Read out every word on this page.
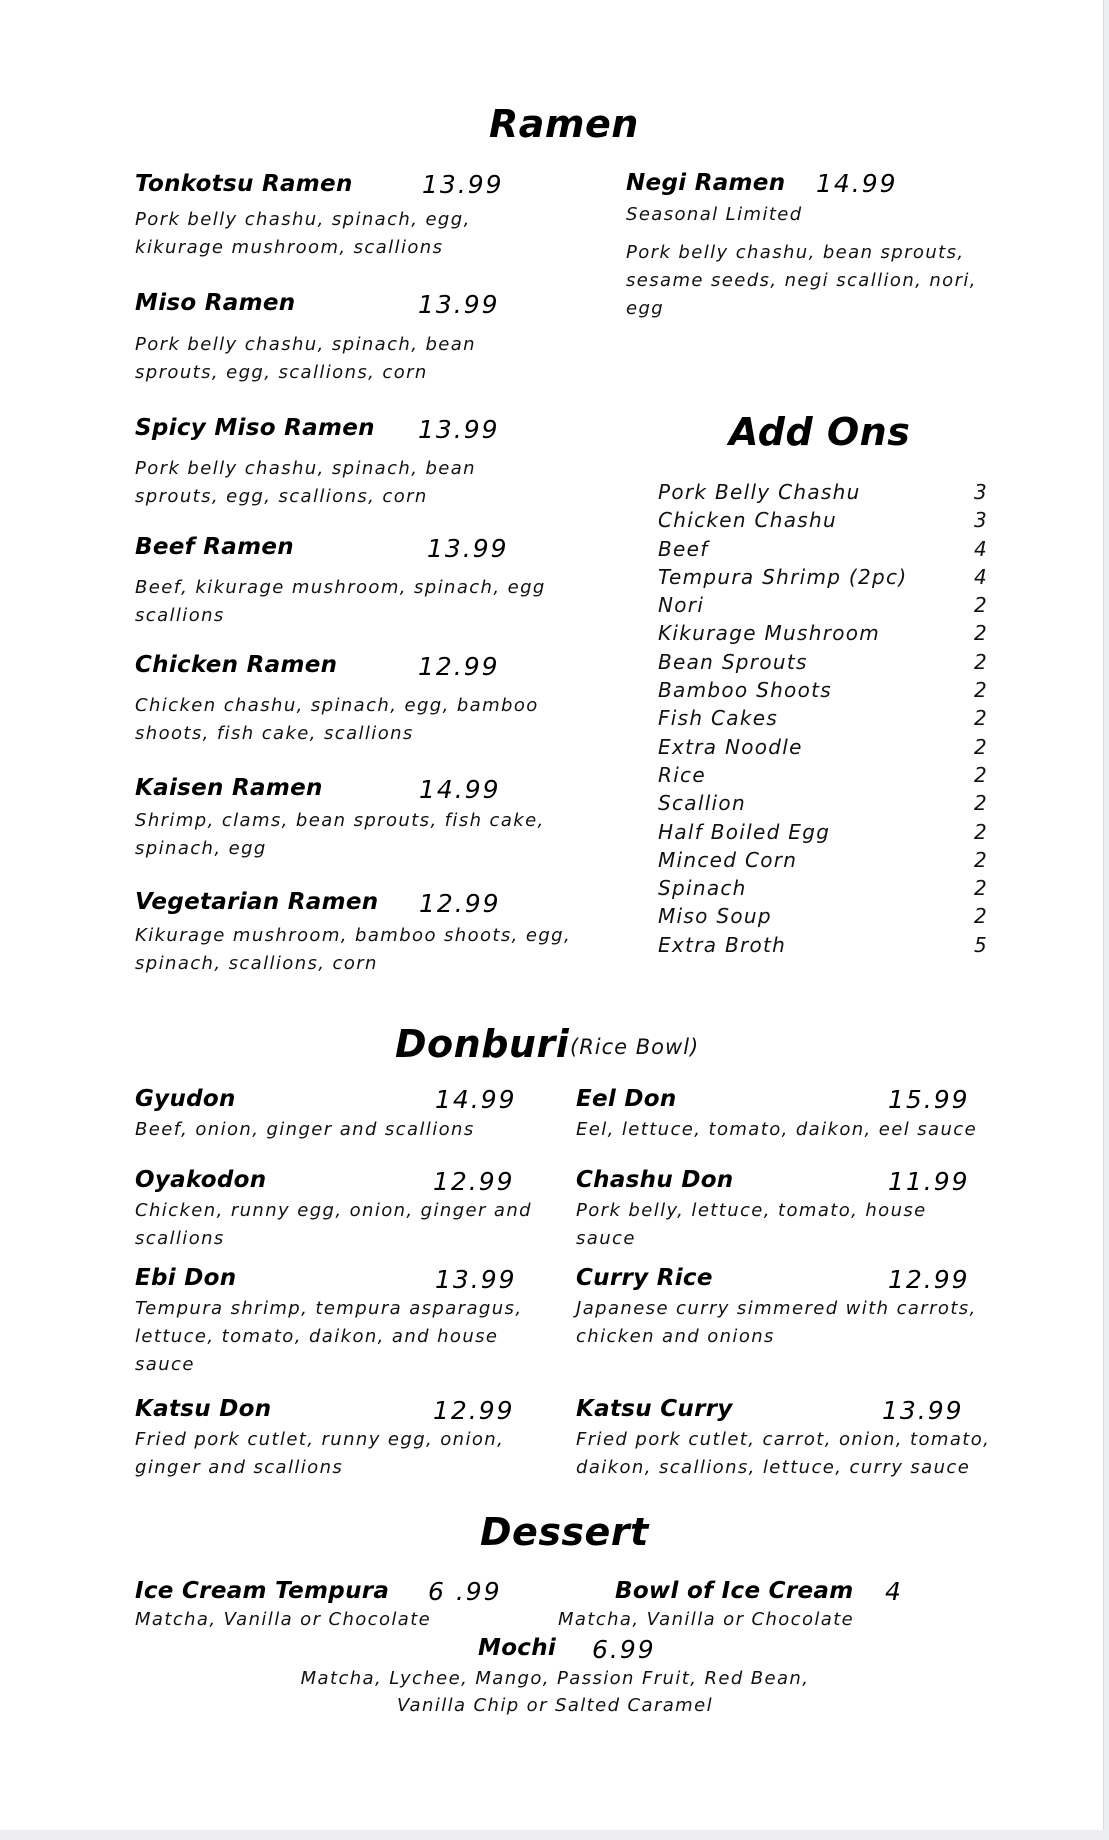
Ramen
Tonkotsu Ramen	13.99
Pork belly chashu, spinach, egg, kikurage mushroom, scallions
Miso Ramen	13.99
Pork belly chashu, spinach, bean sprouts, egg, scallions, corn
Spicy Miso Ramen 13.99
Pork belly chashu, spinach, bean sprouts, egg, scallions, corn
Beef Ramen	13.99
Beef, kikurage mushroom, spinach, egg scallions
Chicken Ramen	12.99
Chicken chashu, spinach, egg, bamboo shoots, fish cake, scallions
Kaisen Ramen	14.99
Shrimp, clams, bean sprouts, fish cake, spinach, egg
Vegetarian Ramen 12.99
Kikurage mushroom, bamboo shoots, egg, spinach, scallions, corn
Negi Ramen 14.99
Seasonal Limited
Pork belly chashu, bean sprouts, sesame seeds, negi scallion, nori, egg
Add Ons
Pork Belly Chashu	3
Chicken Chashu	3
Beef	4
Tempura Shrimp (2pc)	4
Nori	2
Kikurage Mushroom	2
Bean Sprouts	2
Bamboo Shoots	2
Fish Cakes	2
Extra Noodle	2
Rice	2
Scallion	2
Half Boiled Egg	2
Minced Corn	2
Spinach	2
Miso Soup	2
Extra Broth	5
Donburi (Rice Bowl)
Gyudon	14.99
Beef, onion, ginger and scallions
Oyakodon	12.99
Chicken, runny egg, onion, ginger and scallions
Ebi Don	13.99
Tempura shrimp, tempura asparagus, lettuce, tomato, daikon, and house sauce
Katsu Don	12.99
Fried pork cutlet, runny egg, onion, ginger and scallions
Eel Don	15.99
Eel, lettuce, tomato, daikon, eel sauce
Chashu Don	11.99
Pork belly, lettuce, tomato, house sauce
Curry Rice	12.99
Japanese curry simmered with carrots, chicken and onions
Katsu Curry	13.99
Fried pork cutlet, carrot, onion, tomato, daikon, scallions, lettuce, curry sauce
Dessert
Ice Cream Tempura 6 .99
Matcha, Vanilla or Chocolate
Bowl of Ice Cream 4
Matcha, Vanilla or Chocolate
Mochi 6.99
Matcha, Lychee, Mango, Passion Fruit, Red Bean,
Vanilla Chip or Salted Caramel
